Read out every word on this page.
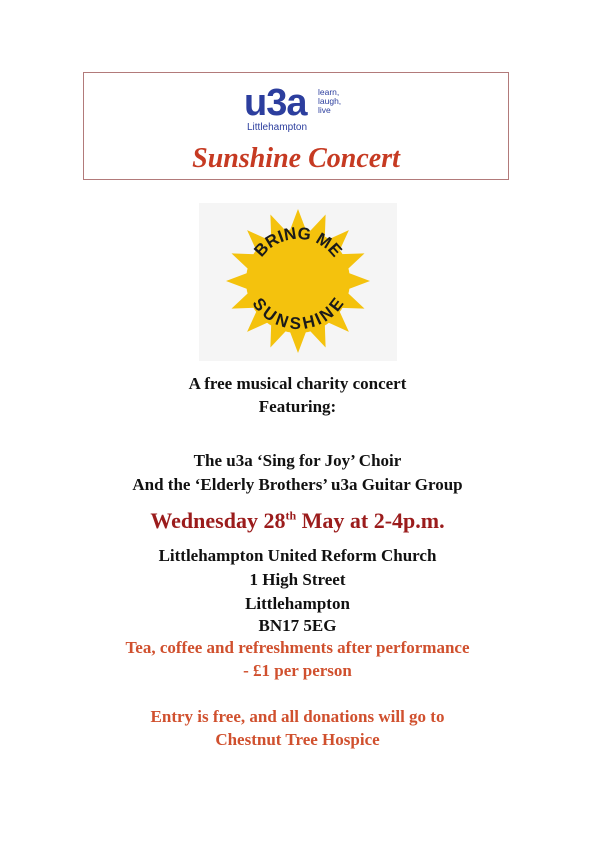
u3a learn,
laugh,
live
Littlehampton
Sunshine Concert
BRING ME
SUNSHINE
A free musical charity concert
Featuring:
The u3a ‘Sing for Joy’ Choir
And the ‘Elderly Brothers’ u3a Guitar Group
Wednesday 28th May at 2-4p.m.
Littlehampton United Reform Church
1 High Street
Littlehampton
BN17 5EG
Tea, coffee and refreshments after performance
- £1 per person
Entry is free, and all donations will go to
Chestnut Tree Hospice
